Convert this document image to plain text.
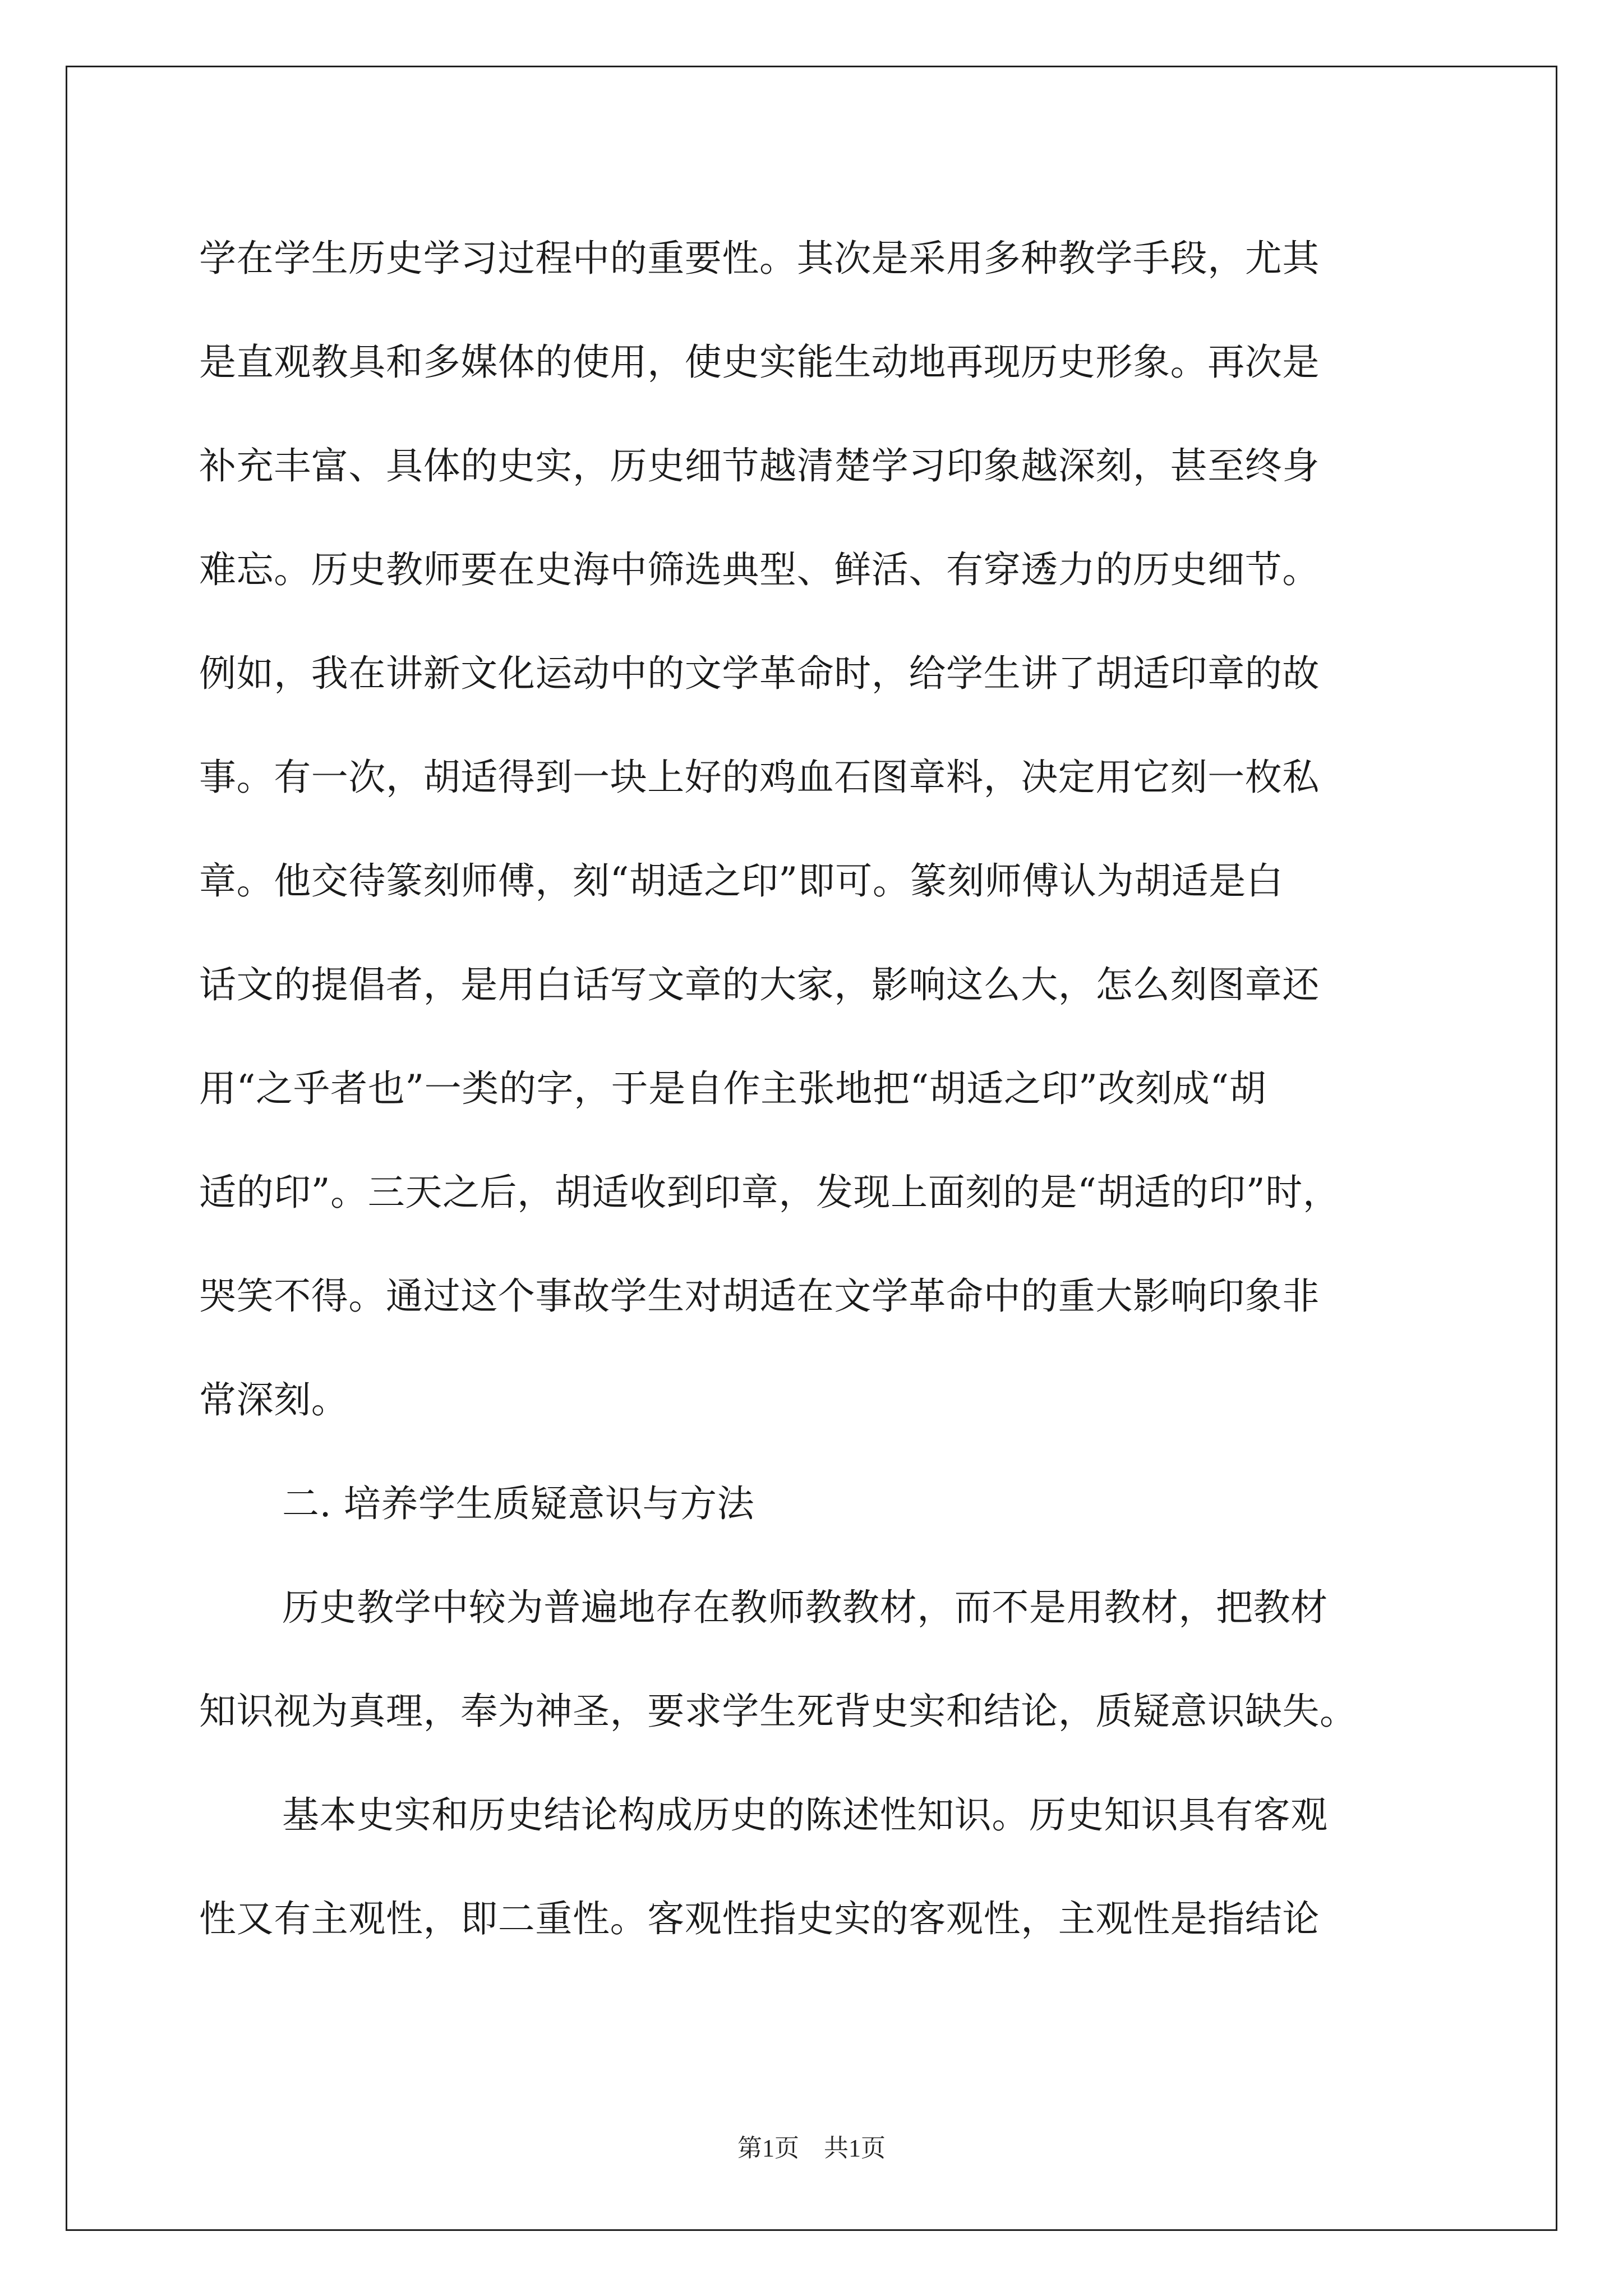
学在学生历史学习过程中的重要性。其次是采用多种教学手段，尤其
是直观教具和多媒体的使用，使史实能生动地再现历史形象。再次是
补充丰富、具体的史实，历史细节越清楚学习印象越深刻，甚至终身
难忘。历史教师要在史海中筛选典型、鲜活、有穿透力的历史细节。
例如，我在讲新文化运动中的文学革命时，给学生讲了胡适印章的故
事。有一次，胡适得到一块上好的鸡血石图章料，决定用它刻一枚私
章。他交待篆刻师傅，刻“胡适之印”即可。篆刻师傅认为胡适是白
话文的提倡者，是用白话写文章的大家，影响这么大，怎么刻图章还
用“之乎者也”一类的字，于是自作主张地把“胡适之印”改刻成“胡
适的印”。三天之后，胡适收到印章，发现上面刻的是“胡适的印”时，
哭笑不得。通过这个事故学生对胡适在文学革命中的重大影响印象非
常深刻。
二. 培养学生质疑意识与方法
历史教学中较为普遍地存在教师教教材，而不是用教材，把教材
知识视为真理，奉为神圣，要求学生死背史实和结论，质疑意识缺失。
基本史实和历史结论构成历史的陈述性知识。历史知识具有客观
性又有主观性，即二重性。客观性指史实的客观性，主观性是指结论
第1页　共1页
